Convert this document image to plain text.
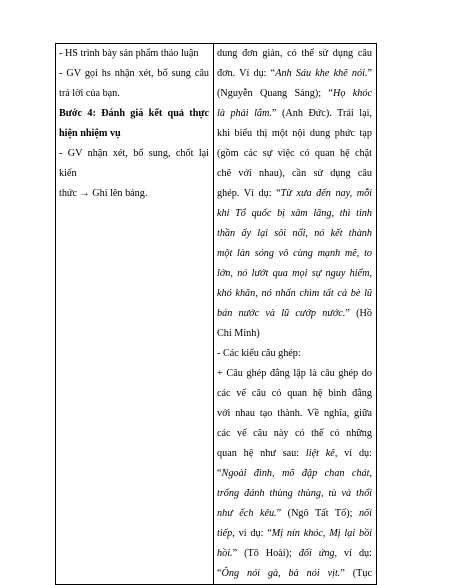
- HS trình bày sản phẩm thảo luận
- GV gọi hs nhận xét, bổ sung câu
trả lời của bạn.
Bước 4: Đánh giá kết quả thực
hiện nhiệm vụ
- GV nhận xét, bổ sung, chốt lại kiến
thức → Ghi lên bảng.

dung đơn giản, có thể sử dụng câu
đơn. Ví dụ: “Anh Sáu khe khẽ nói.”
(Nguyễn Quang Sáng); “Họ khóc
là phải lắm.” (Anh Đức). Trái lại,
khi biểu thị một nội dung phức tạp
(gồm các sự việc có quan hệ chặt
chẽ với nhau), cần sử dụng câu
ghép. Ví dụ: “Từ xưa đến nay, mỗi
khi Tổ quốc bị xâm lăng, thì tinh
thần ấy lại sôi nổi, nó kết thành
một làn sóng vô cùng mạnh mẽ, to
lớn, nó lướt qua mọi sự nguy hiểm,
khó khăn, nó nhấn chìm tất cả bè lũ
bán nước và lũ cướp nước.” (Hồ
Chí Minh)
- Các kiểu câu ghép:
+ Câu ghép đẳng lập là câu ghép do
các vế câu có quan hệ bình đẳng
với nhau tạo thành. Về nghĩa, giữa
các vế câu này có thể có những
quan hệ như sau: liệt kê, ví dụ:
“Ngoài đình, mõ đập chan chát,
trống đánh thùng thùng, tù và thổi
như ếch kêu.” (Ngô Tất Tố); nối
tiếp, ví dụ: “Mị nín khóc, Mị lại bồi
hồi.” (Tô Hoài); đối ứng, ví dụ:
“Ông nói gà, bà nói vịt.” (Tục
